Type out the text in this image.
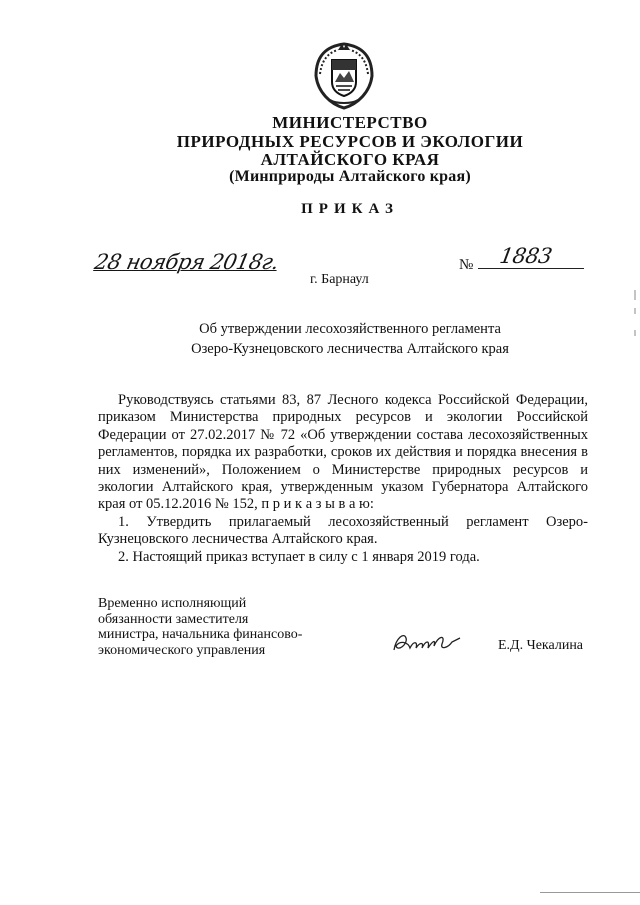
МИНИСТЕРСТВО
ПРИРОДНЫХ РЕСУРСОВ И ЭКОЛОГИИ
АЛТАЙСКОГО КРАЯ
(Минприроды Алтайского края)
ПРИКАЗ
28 ноября 2018г.	№ 1883
г. Барнаул
Об утверждении лесохозяйственного регламента
Озеро-Кузнецовского лесничества Алтайского края

Руководствуясь статьями 83, 87 Лесного кодекса Российской Федерации, приказом Министерства природных ресурсов и экологии Российской Федерации от 27.02.2017 № 72 «Об утверждении состава лесохозяйственных регламентов, порядка их разработки, сроков их действия и порядка внесения в них изменений», Положением о Министерстве природных ресурсов и экологии Алтайского края, утвержденным указом Губернатора Алтайского края от 05.12.2016 № 152, п р и к а з ы в а ю:

1. Утвердить прилагаемый лесохозяйственный регламент Озеро-Кузнецовского лесничества Алтайского края.

2. Настоящий приказ вступает в силу с 1 января 2019 года.

Временно исполняющий
обязанности заместителя
министра, начальника финансово-
экономического управления	Е.Д. Чекалина
